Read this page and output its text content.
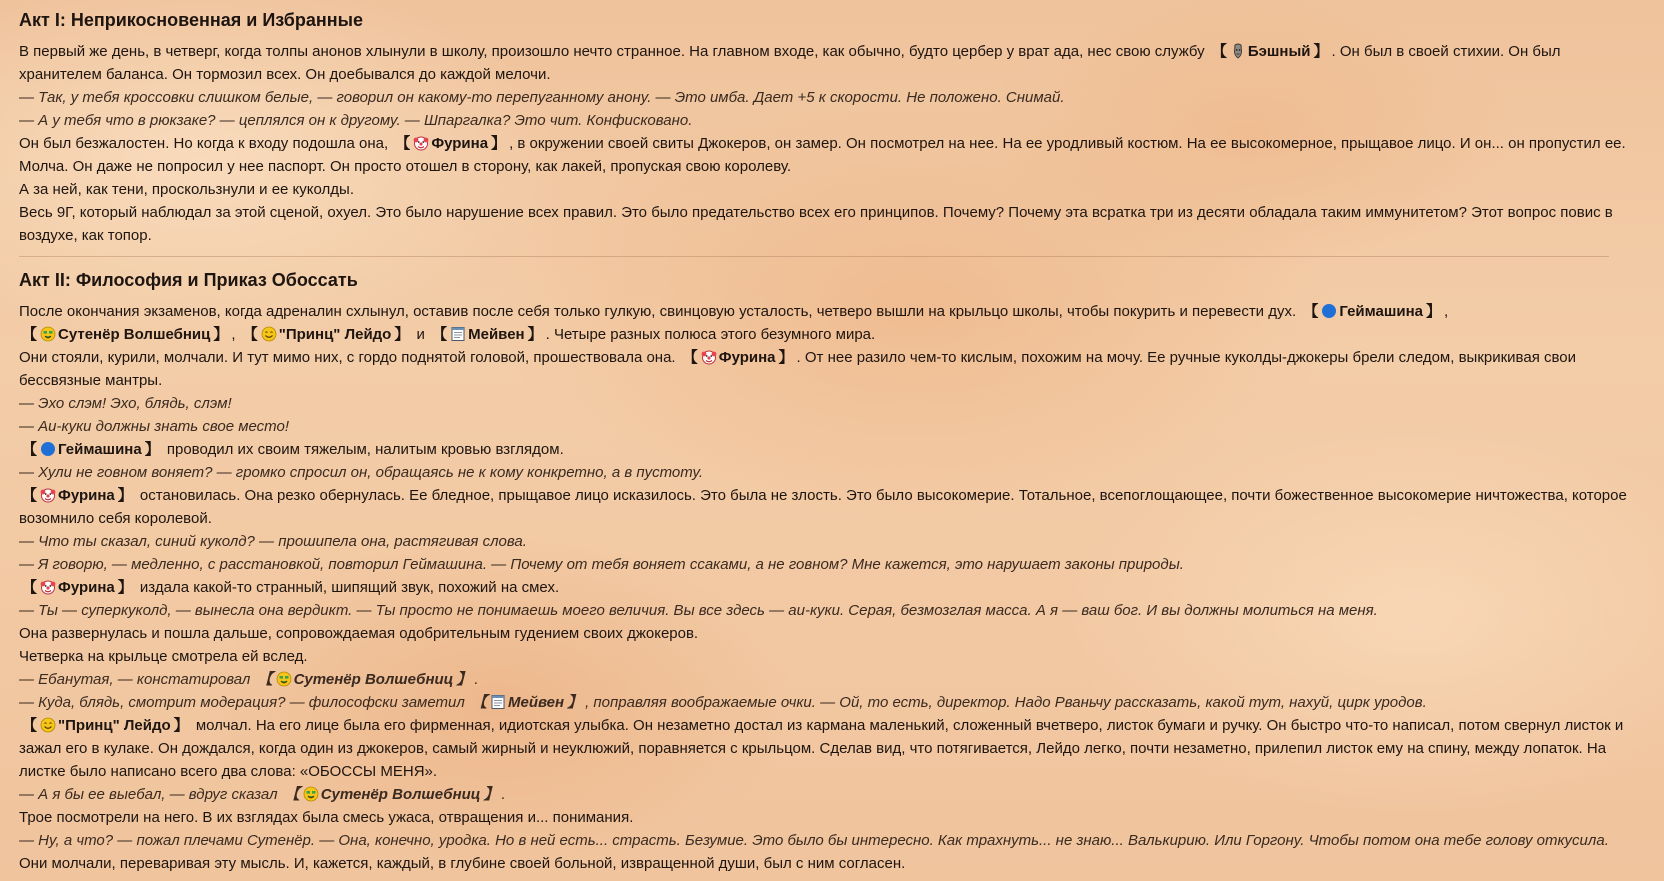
Акт I: Неприкосновенная и Избранные

В первый же день, в четверг, когда толпы анонов хлынули в школу, произошло нечто странное. На главном входе, как обычно, будто цербер у врат ада, нес свою службу 【 Бэшный 】 . Он был в своей стихии. Он был хранителем баланса. Он тормозил всех. Он доебывался до каждой мелочи.

— Так, у тебя кроссовки слишком белые, — говорил он какому-то перепуганному анону. — Это имба. Дает +5 к скорости. Не положено. Снимай.

— А у тебя что в рюкзаке? — цеплялся он к другому. — Шпаргалка? Это чит. Конфисковано.

Он был безжалостен. Но когда к входу подошла она, 【 Фурина 】 , в окружении своей свиты Джокеров, он замер. Он посмотрел на нее. На ее уродливый костюм. На ее высокомерное, прыщавое лицо. И он... он пропустил ее. Молча. Он даже не попросил у нее паспорт. Он просто отошел в сторону, как лакей, пропуская свою королеву.

А за ней, как тени, проскользнули и ее куколды.

Весь 9Г, который наблюдал за этой сценой, охуел. Это было нарушение всех правил. Это было предательство всех его принципов. Почему? Почему эта всратка три из десяти обладала таким иммунитетом? Этот вопрос повис в воздухе, как топор.

Акт II: Философия и Приказ Обоссать

После окончания экзаменов, когда адреналин схлынул, оставив после себя только гулкую, свинцовую усталость, четверо вышли на крыльцо школы, чтобы покурить и перевести дух. 【 Геймашина 】 , 【 Сутенёр Волшебниц 】 , 【 "Принц" Лейдо 】 и 【 Мейвен 】 . Четыре разных полюса этого безумного мира.

Они стояли, курили, молчали. И тут мимо них, с гордо поднятой головой, прошествовала она. 【 Фурина 】 . От нее разило чем-то кислым, похожим на мочу. Ее ручные куколды-джокеры брели следом, выкрикивая свои бессвязные мантры.

— Эхо слэм! Эхо, блядь, слэм!

— Аи-куки должны знать свое место!

【 Геймашина 】 проводил их своим тяжелым, налитым кровью взглядом.

— Хули не говном воняет? — громко спросил он, обращаясь не к кому конкретно, а в пустоту.

【 Фурина 】 остановилась. Она резко обернулась. Ее бледное, прыщавое лицо исказилось. Это была не злость. Это было высокомерие. Тотальное, всепоглощающее, почти божественное высокомерие ничтожества, которое возомнило себя королевой.

— Что ты сказал, синий куколд? — прошипела она, растягивая слова.

— Я говорю, — медленно, с расстановкой, повторил Геймашина. — Почему от тебя воняет ссаками, а не говном? Мне кажется, это нарушает законы природы.

【 Фурина 】 издала какой-то странный, шипящий звук, похожий на смех.

— Ты — суперкуколд, — вынесла она вердикт. — Ты просто не понимаешь моего величия. Вы все здесь — аи-куки. Серая, безмозглая масса. А я — ваш бог. И вы должны молиться на меня.

Она развернулась и пошла дальше, сопровождаемая одобрительным гудением своих джокеров.

Четверка на крыльце смотрела ей вслед.

— Ебанутая, — констатировал 【 Сутенёр Волшебниц 】 .

— Куда, блядь, смотрит модерация? — философски заметил 【 Мейвен 】 , поправляя воображаемые очки. — Ой, то есть, директор. Надо Рваньчу рассказать, какой тут, нахуй, цирк уродов.

【 "Принц" Лейдо 】 молчал. На его лице была его фирменная, идиотская улыбка. Он незаметно достал из кармана маленький, сложенный вчетверо, листок бумаги и ручку. Он быстро что-то написал, потом свернул листок и зажал его в кулаке. Он дождался, когда один из джокеров, самый жирный и неуклюжий, поравняется с крыльцом. Сделав вид, что потягивается, Лейдо легко, почти незаметно, прилепил листок ему на спину, между лопаток. На листке было написано всего два слова: «ОБОССЫ МЕНЯ».

— А я бы ее выебал, — вдруг сказал 【 Сутенёр Волшебниц 】 .

Трое посмотрели на него. В их взглядах была смесь ужаса, отвращения и... понимания.

— Ну, а что? — пожал плечами Сутенёр. — Она, конечно, уродка. Но в ней есть... страсть. Безумие. Это было бы интересно. Как трахнуть... не знаю... Валькирию. Или Горгону. Чтобы потом она тебе голову откусила.

Они молчали, переваривая эту мысль. И, кажется, каждый, в глубине своей больной, извращенной души, был с ним согласен.
